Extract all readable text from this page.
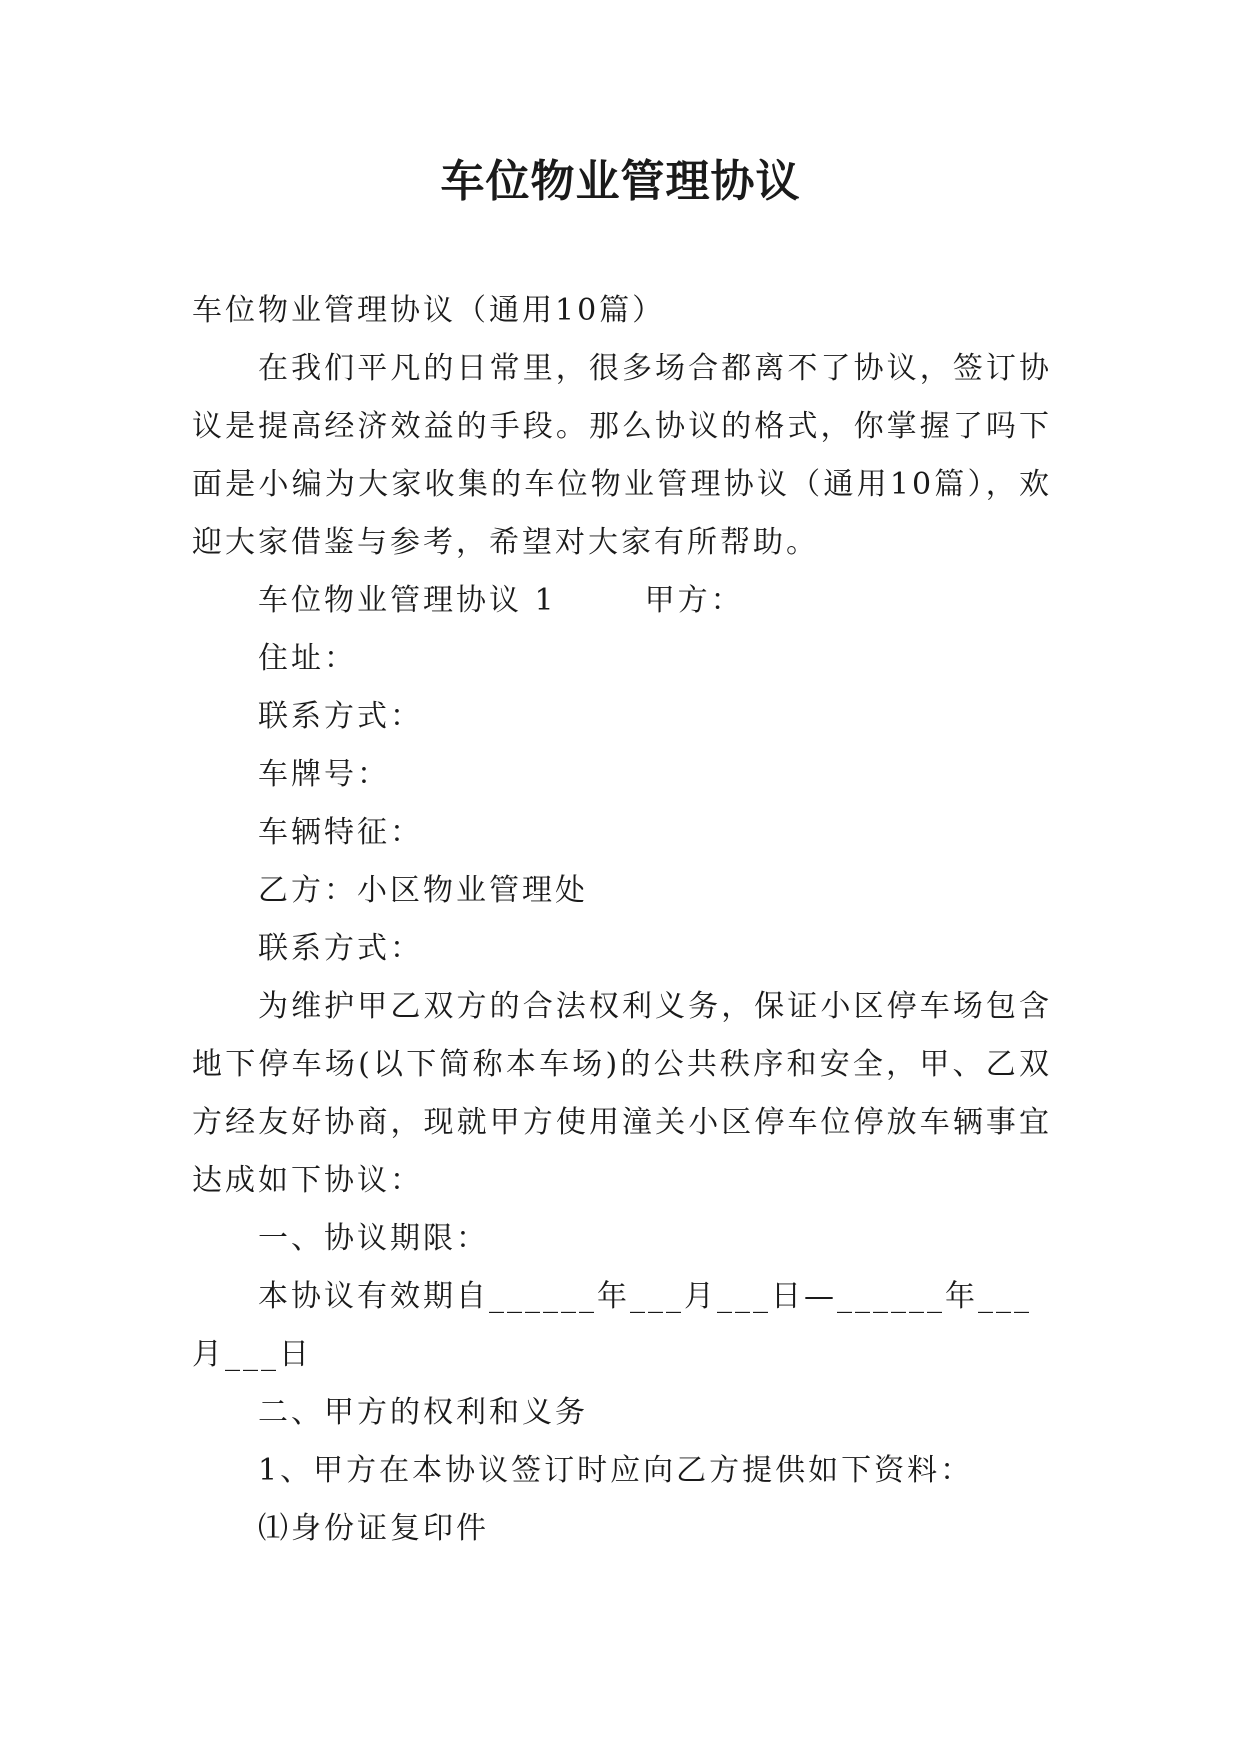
车位物业管理协议

车位物业管理协议（通用10篇）

在我们平凡的日常里，很多场合都离不了协议，签订协议是提高经济效益的手段。那么协议的格式，你掌握了吗下面是小编为大家收集的车位物业管理协议（通用10篇），欢迎大家借鉴与参考，希望对大家有所帮助。

车位物业管理协议 1	甲方：

住址：

联系方式：

车牌号：

车辆特征：

乙方：小区物业管理处

联系方式：

为维护甲乙双方的合法权利义务，保证小区停车场包含地下停车场(以下简称本车场)的公共秩序和安全，甲、乙双方经友好协商，现就甲方使用潼关小区停车位停放车辆事宜达成如下协议：

一、协议期限：

本协议有效期自______年___月___日—______年___月___日

二、甲方的权利和义务

1、甲方在本协议签订时应向乙方提供如下资料：

⑴身份证复印件
